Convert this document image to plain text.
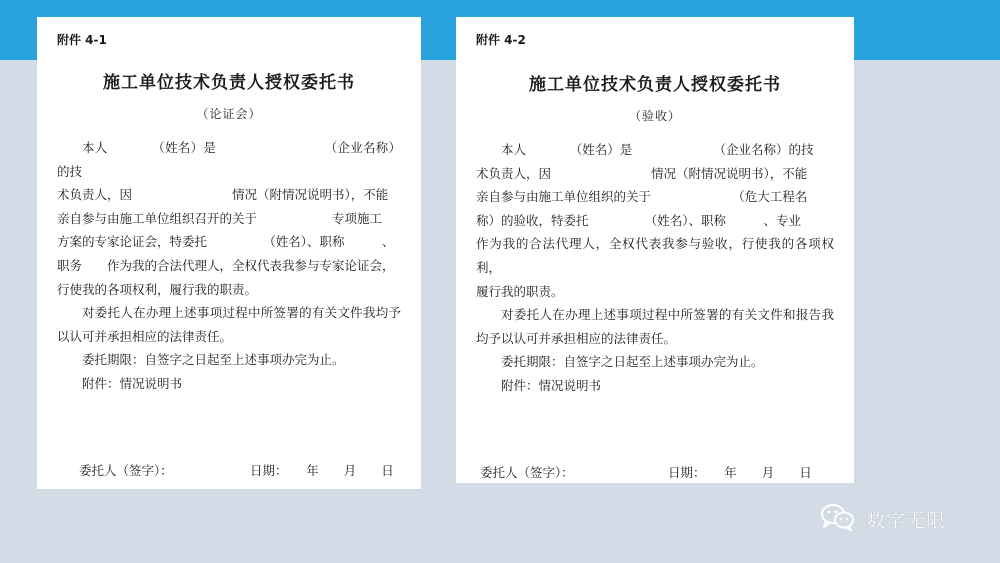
附件 4-1
施工单位技术负责人授权委托书
（论证会）

本人　　　　（姓名）是　　　　　　　　　（企业名称）的技

术负责人，因　　　　　　　　情况（附情况说明书），不能

亲自参与由施工单位组织召开的关于　　　　　　专项施工

方案的专家论证会，特委托　　　　　（姓名）、职称　　　、

职务　　作为我的合法代理人，全权代表我参与专家论证会，

行使我的各项权利，履行我的职责。

对委托人在办理上述事项过程中所签署的有关文件我均予以认可并承担相应的法律责任。

委托期限：自签字之日起至上述事项办完为止。

附件：情况说明书

委托人（签字）：	日期：　　年　　月　　日
附件 4-2
施工单位技术负责人授权委托书
（验收）

本人　　　　（姓名）是　　　　　　　（企业名称）的技

术负责人，因　　　　　　　　情况（附情况说明书），不能

亲自参与由施工单位组织的关于　　　　　　　（危大工程名

称）的验收，特委托　　　　　（姓名）、职称　　　、专业

作为我的合法代理人，全权代表我参与验收，行使我的各项权利，

履行我的职责。

对委托人在办理上述事项过程中所签署的有关文件和报告我均予以认可并承担相应的法律责任。

委托期限：自签字之日起至上述事项办完为止。

附件：情况说明书

委托人（签字）：	日期：　　年　　月　　日
数字无限
